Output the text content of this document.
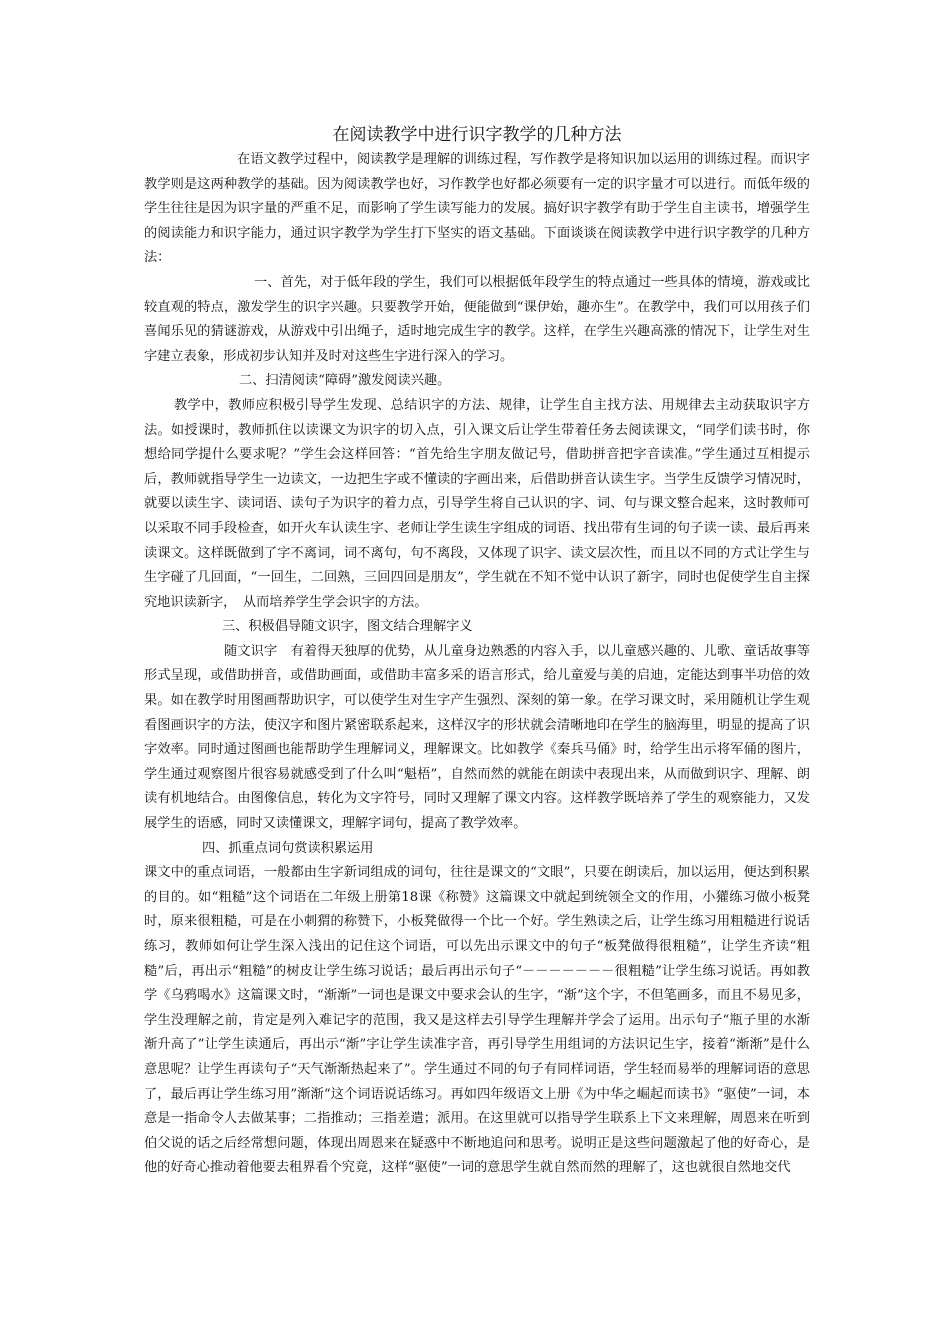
在阅读教学中进行识字教学的几种方法

在语文教学过程中，阅读教学是理解的训练过程，写作教学是将知识加以运用的训练过程。而识字教学则是这两种教学的基础。因为阅读教学也好，习作教学也好都必须要有一定的识字量才可以进行。而低年级的学生往往是因为识字量的严重不足，而影响了学生读写能力的发展。搞好识字教学有助于学生自主读书，增强学生的阅读能力和识字能力，通过识字教学为学生打下坚实的语文基础。下面谈谈在阅读教学中进行识字教学的几种方法：

一、首先，对于低年段的学生，我们可以根据低年段学生的特点通过一些具体的情境，游戏或比较直观的特点，激发学生的识字兴趣。只要教学开始，便能做到“课伊始，趣亦生”。在教学中，我们可以用孩子们喜闻乐见的猜谜游戏，从游戏中引出绳子，适时地完成生字的教学。这样，在学生兴趣高涨的情况下，让学生对生字建立表象，形成初步认知并及时对这些生字进行深入的学习。

二、扫清阅读“障碍”激发阅读兴趣。

教学中，教师应积极引导学生发现、总结识字的方法、规律，让学生自主找方法、用规律去主动获取识字方法。如授课时，教师抓住以读课文为识字的切入点，引入课文后让学生带着任务去阅读课文，“同学们读书时，你想给同学提什么要求呢？”学生会这样回答：“首先给生字朋友做记号，借助拼音把字音读准。”学生通过互相提示后，教师就指导学生一边读文，一边把生字或不懂读的字画出来，后借助拼音认读生字。当学生反馈学习情况时，就要以读生字、读词语、读句子为识字的着力点，引导学生将自己认识的字、词、句与课文整合起来，这时教师可以采取不同手段检查，如开火车认读生字、老师让学生读生字组成的词语、找出带有生词的句子读一读、最后再来读课文。这样既做到了字不离词，词不离句，句不离段，又体现了识字、读文层次性，而且以不同的方式让学生与生字碰了几回面，“一回生，二回熟，三回四回是朋友”，学生就在不知不觉中认识了新字，同时也促使学生自主探究地识读新字，　从而培养学生学会识字的方法。

三、积极倡导随文识字，图文结合理解字义

随文识字　有着得天独厚的优势，从儿童身边熟悉的内容入手，以儿童感兴趣的、儿歌、童话故事等形式呈现，或借助拼音，或借助画面，或借助丰富多采的语言形式，给儿童爱与美的启迪，定能达到事半功倍的效果。如在教学时用图画帮助识字，可以使学生对生字产生强烈、深刻的第一象。在学习课文时，采用随机让学生观看图画识字的方法，使汉字和图片紧密联系起来，这样汉字的形状就会清晰地印在学生的脑海里，明显的提高了识字效率。同时通过图画也能帮助学生理解词义，理解课文。比如教学《秦兵马俑》时，给学生出示将军俑的图片，学生通过观察图片很容易就感受到了什么叫“魁梧”，自然而然的就能在朗读中表现出来，从而做到识字、理解、朗读有机地结合。由图像信息，转化为文字符号，同时又理解了课文内容。这样教学既培养了学生的观察能力，又发展学生的语感，同时又读懂课文，理解字词句，提高了教学效率。

四、抓重点词句赏读积累运用

课文中的重点词语，一般都由生字新词组成的词句，往往是课文的“文眼”，只要在朗读后，加以运用，便达到积累的目的。如“粗糙”这个词语在二年级上册第18课《称赞》这篇课文中就起到统领全文的作用，小獾练习做小板凳时，原来很粗糙，可是在小刺猬的称赞下，小板凳做得一个比一个好。学生熟读之后，让学生练习用粗糙进行说话练习，教师如何让学生深入浅出的记住这个词语，可以先出示课文中的句子“板凳做得很粗糙”，让学生齐读“粗糙”后，再出示“粗糙”的树皮让学生练习说话；最后再出示句子“－－－－－－－很粗糙”让学生练习说话。再如教学《乌鸦喝水》这篇课文时，“渐渐”一词也是课文中要求会认的生字，“渐”这个字，不但笔画多，而且不易见多，学生没理解之前，肯定是列入难记字的范围，我又是这样去引导学生理解并学会了运用。出示句子“瓶子里的水渐渐升高了”让学生读通后，再出示“渐”字让学生读准字音，再引导学生用组词的方法识记生字，接着“渐渐”是什么意思呢？让学生再读句子“天气渐渐热起来了”。学生通过不同的句子有同样词语，学生轻而易举的理解词语的意思了，最后再让学生练习用”渐渐“这个词语说话练习。再如四年级语文上册《为中华之崛起而读书》“驱使”一词，本意是一指命令人去做某事；二指推动；三指差遣；派用。在这里就可以指导学生联系上下文来理解，周恩来在听到伯父说的话之后经常想问题，体现出周恩来在疑惑中不断地追问和思考。说明正是这些问题激起了他的好奇心，是他的好奇心推动着他要去租界看个究竟，这样“驱使”一词的意思学生就自然而然的理解了，这也就很自然地交代
